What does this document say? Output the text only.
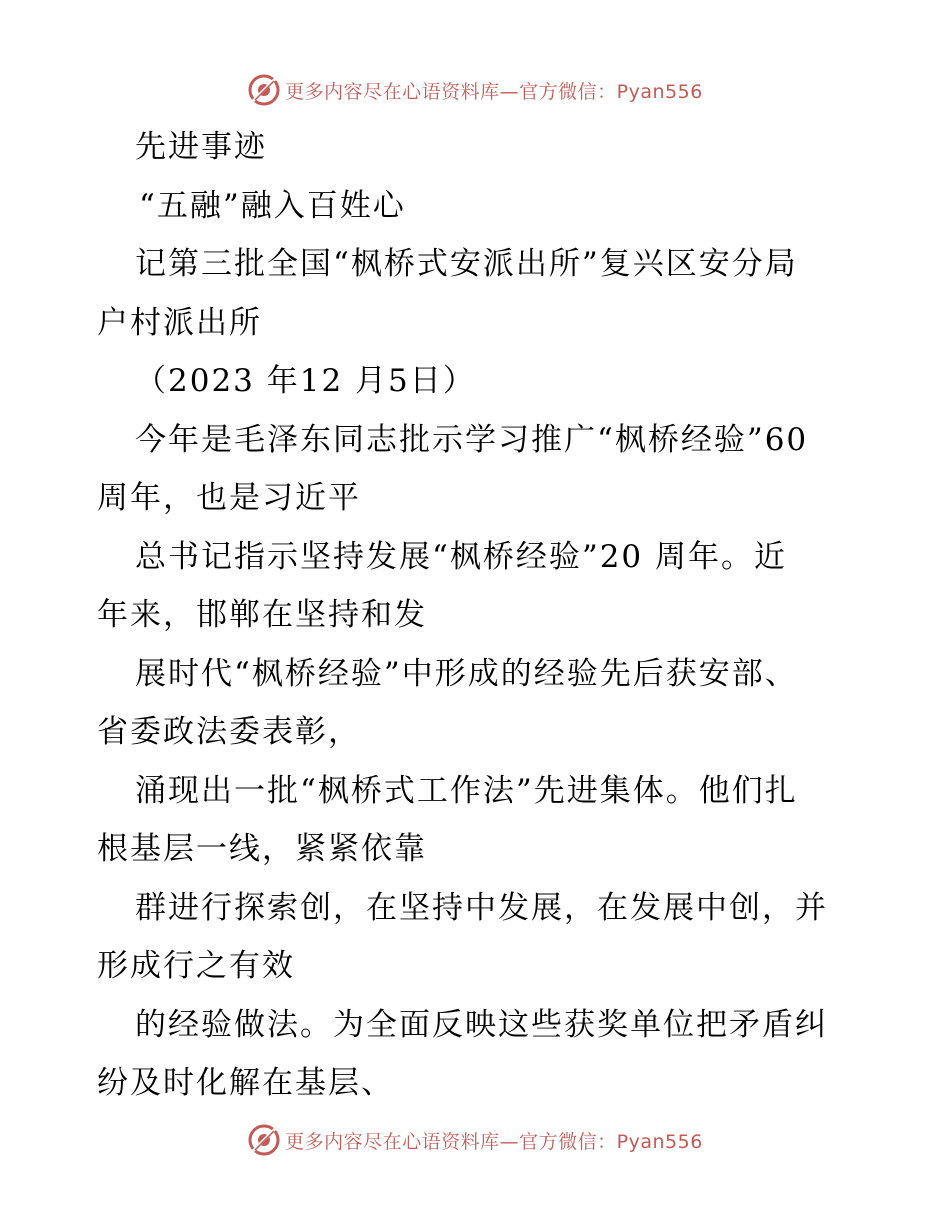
更多内容尽在心语资料库—官方微信：Pyan556
先进事迹
“五融”融入百姓心
记第三批全国“枫桥式安派出所”复兴区安分局
户村派出所
（2023 年12 月5日）
今年是毛泽东同志批示学习推广“枫桥经验”60
周年，也是习近平
总书记指示坚持发展“枫桥经验”20 周年。近
年来，邯郸在坚持和发
展时代“枫桥经验”中形成的经验先后获安部、
省委政法委表彰，
涌现出一批“枫桥式工作法”先进集体。他们扎
根基层一线，紧紧依靠
群进行探索创，在坚持中发展，在发展中创，并
形成行之有效
的经验做法。为全面反映这些获奖单位把矛盾纠
纷及时化解在基层、
更多内容尽在心语资料库—官方微信：Pyan556
